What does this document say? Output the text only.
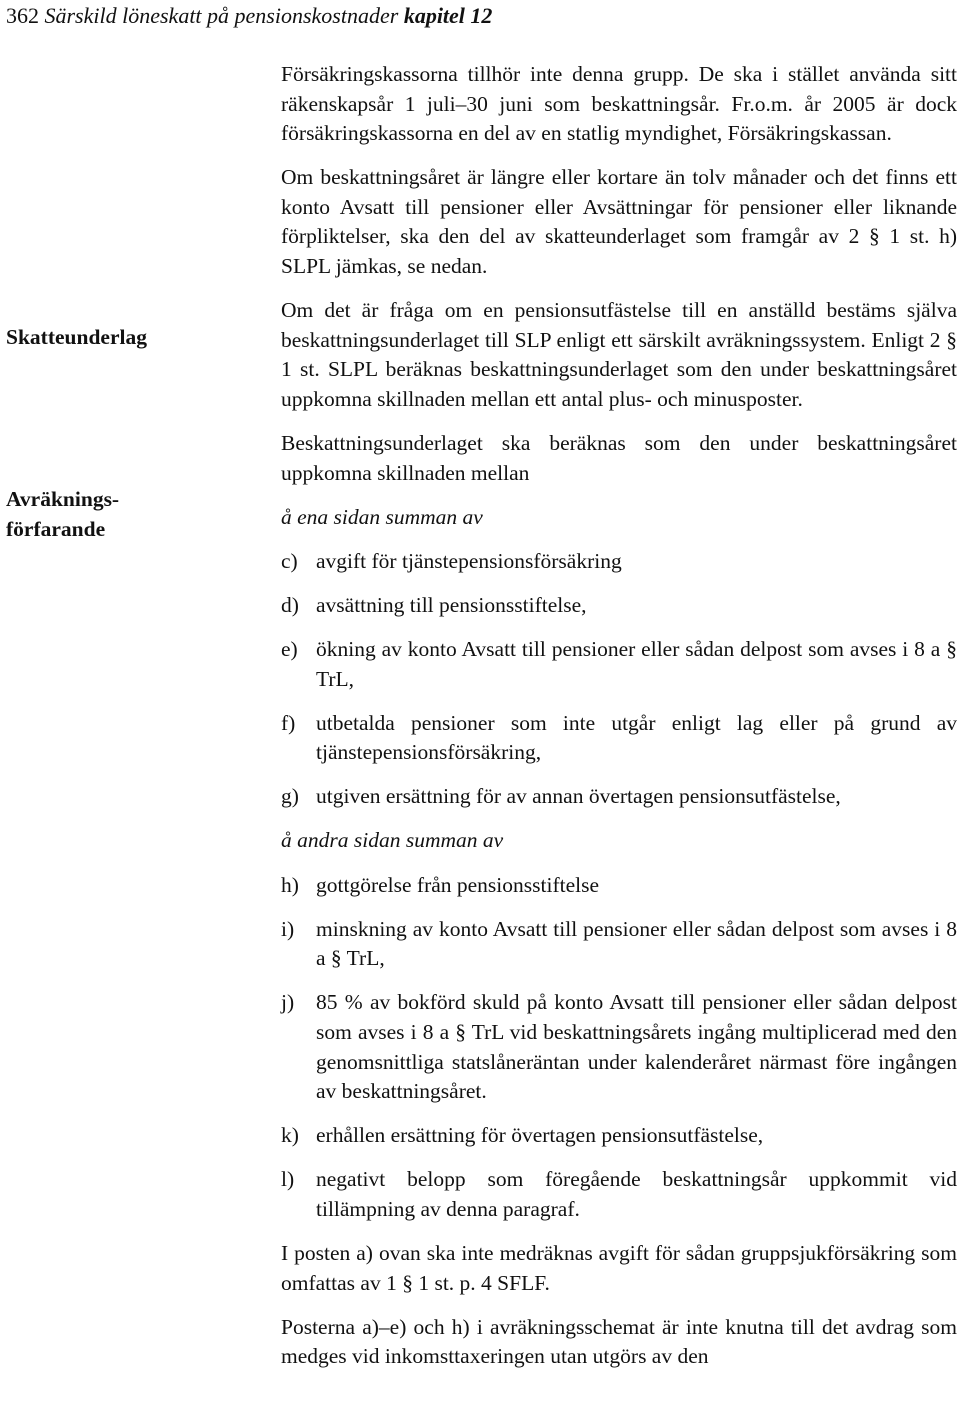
362 Särskild löneskatt på pensionskostnader kapitel 12
Skatteunderlag
Avräknings-
förfarande

Försäkringskassorna tillhör inte denna grupp. De ska i stället använda sitt räkenskapsår 1 juli–30 juni som beskattningsår. Fr.o.m. år 2005 är dock försäkringskassorna en del av en statlig myndighet, Försäkringskassan.

Om beskattningsåret är längre eller kortare än tolv månader och det finns ett konto Avsatt till pensioner eller Avsättningar för pensioner eller liknande förpliktelser, ska den del av skatteunderlaget som framgår av 2 § 1 st. h) SLPL jämkas, se nedan.

Om det är fråga om en pensionsutfästelse till en anställd bestäms själva beskattningsunderlaget till SLP enligt ett särskilt avräkningssystem. Enligt 2 § 1 st. SLPL beräknas beskattningsunderlaget som den under beskattningsåret uppkomna skillnaden mellan ett antal plus- och minusposter.

Beskattningsunderlaget ska beräknas som den under beskattningsåret uppkomna skillnaden mellan

å ena sidan summan av
c) avgift för tjänstepensionsförsäkring
d) avsättning till pensionsstiftelse,
e) ökning av konto Avsatt till pensioner eller sådan delpost som avses i 8 a § TrL,
f) utbetalda pensioner som inte utgår enligt lag eller på grund av tjänstepensionsförsäkring,
g) utgiven ersättning för av annan övertagen pensionsutfästelse,
å andra sidan summan av
h) gottgörelse från pensionsstiftelse
i)	minskning av konto Avsatt till pensioner eller sådan delpost som avses i 8 a § TrL,
j)	85 % av bokförd skuld på konto Avsatt till pensioner eller sådan delpost som avses i 8 a § TrL vid beskattningsårets ingång multiplicerad med den genomsnittliga statslåneräntan under kalenderåret närmast före ingången av beskattningsåret.
k) erhållen ersättning för övertagen pensionsutfästelse,
l)	negativt belopp som föregående beskattningsår uppkommit vid tillämpning av denna paragraf.

I posten a) ovan ska inte medräknas avgift för sådan gruppsjukförsäkring som omfattas av 1 § 1 st. p. 4 SFLF.

Posterna a)–e) och h) i avräkningsschemat är inte knutna till det avdrag som medges vid inkomsttaxeringen utan utgörs av den
